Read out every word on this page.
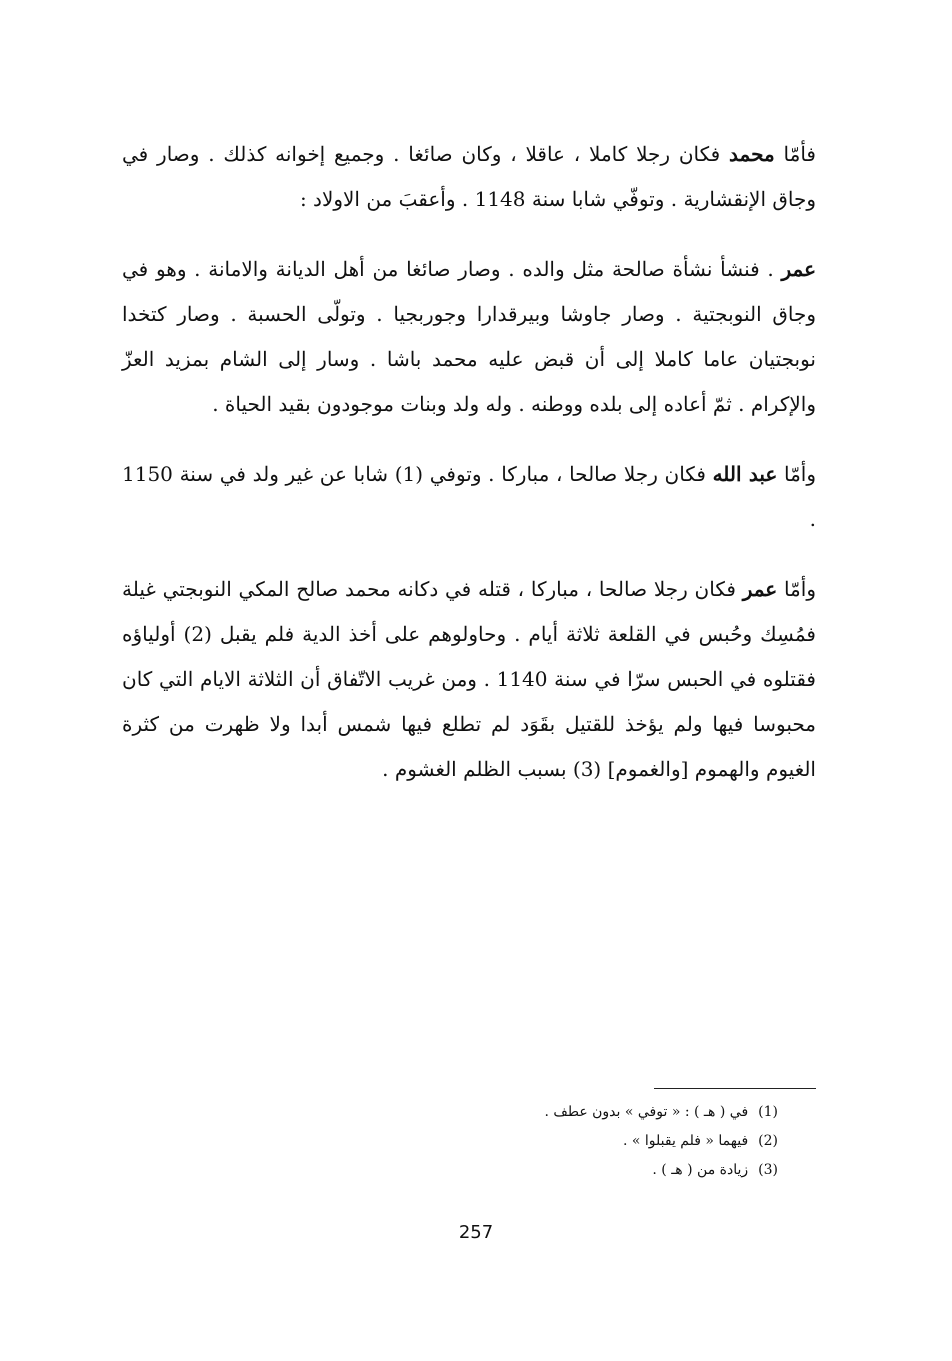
فأمّا محمد فكان رجلا كاملا ، عاقلا ، وكان صائغا . وجميع إخوانه كذلك . وصار في وجاق الإنقشارية . وتوفّي شابا سنة 1148 . وأعقبَ من الاولاد :

عمر . فنشأ نشأة صالحة مثل والده . وصار صائغا من أهل الديانة والامانة . وهو في وجاق النوبجتية . وصار جاوشا وبيرقدارا وجوربجيا . وتولّى الحسبة . وصار كتخدا نوبجتيان عاما كاملا إلى أن قبض عليه محمد باشا . وسار إلى الشام بمزيد العزّ والإكرام . ثمّ أعاده إلى بلده ووطنه . وله ولد وبنات موجودون بقيد الحياة .

وأمّا عبد الله فكان رجلا صالحا ، مباركا . وتوفي (1) شابا عن غير ولد في سنة 1150 .

وأمّا عمر فكان رجلا صالحا ، مباركا ، قتله في دكانه محمد صالح المكي النوبجتي غيلة فمُسِك وحُبس في القلعة ثلاثة أيام . وحاولوهم على أخذ الدية فلم يقبل (2) أولياؤه فقتلوه في الحبس سرّا في سنة 1140 . ومن غريب الاتّفاق أن الثلاثة الايام التي كان محبوسا فيها ولم يؤخذ للقتيل بقَوَد لم تطلع فيها شمس أبدا ولا ظهرت من كثرة الغيوم والهموم [والغموم] (3) بسبب الظلم الغشوم .

(1)في ( هـ ) : « توفي » بدون عطف .
(2)فيهما « فلم يقبلوا » .
(3)زيادة من ( هـ ) .
257
